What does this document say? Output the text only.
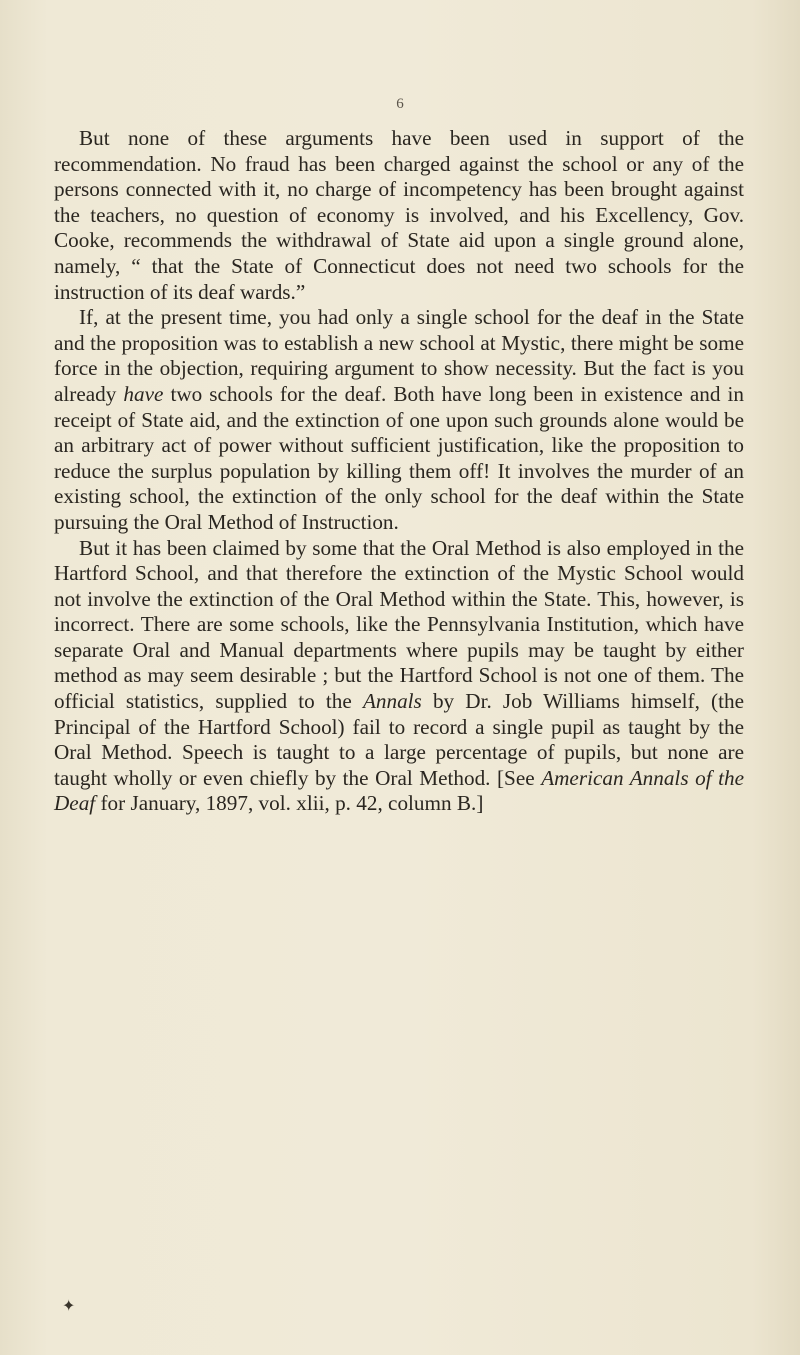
6

But none of these arguments have been used in support of the recommendation. No fraud has been charged against the school or any of the persons connected with it, no charge of incompetency has been brought against the teachers, no question of economy is involved, and his Excellency, Gov. Cooke, recommends the withdrawal of State aid upon a single ground alone, namely, “ that the State of Connecticut does not need two schools for the instruction of its deaf wards.”

If, at the present time, you had only a single school for the deaf in the State and the proposition was to establish a new school at Mystic, there might be some force in the objection, requiring argument to show necessity. But the fact is you already have two schools for the deaf. Both have long been in existence and in receipt of State aid, and the extinction of one upon such grounds alone would be an arbitrary act of power without sufficient justification, like the proposition to reduce the surplus population by killing them off! It involves the murder of an existing school, the extinction of the only school for the deaf within the State pursuing the Oral Method of Instruction.

But it has been claimed by some that the Oral Method is also employed in the Hartford School, and that therefore the extinction of the Mystic School would not involve the extinction of the Oral Method within the State. This, however, is incorrect. There are some schools, like the Pennsylvania Institution, which have separate Oral and Manual departments where pupils may be taught by either method as may seem desirable ; but the Hartford School is not one of them. The official statistics, supplied to the Annals by Dr. Job Williams himself, (the Principal of the Hartford School) fail to record a single pupil as taught by the Oral Method. Speech is taught to a large percentage of pupils, but none are taught wholly or even chiefly by the Oral Method. [See American Annals of the Deaf for January, 1897, vol. xlii, p. 42, column B.]

✦
